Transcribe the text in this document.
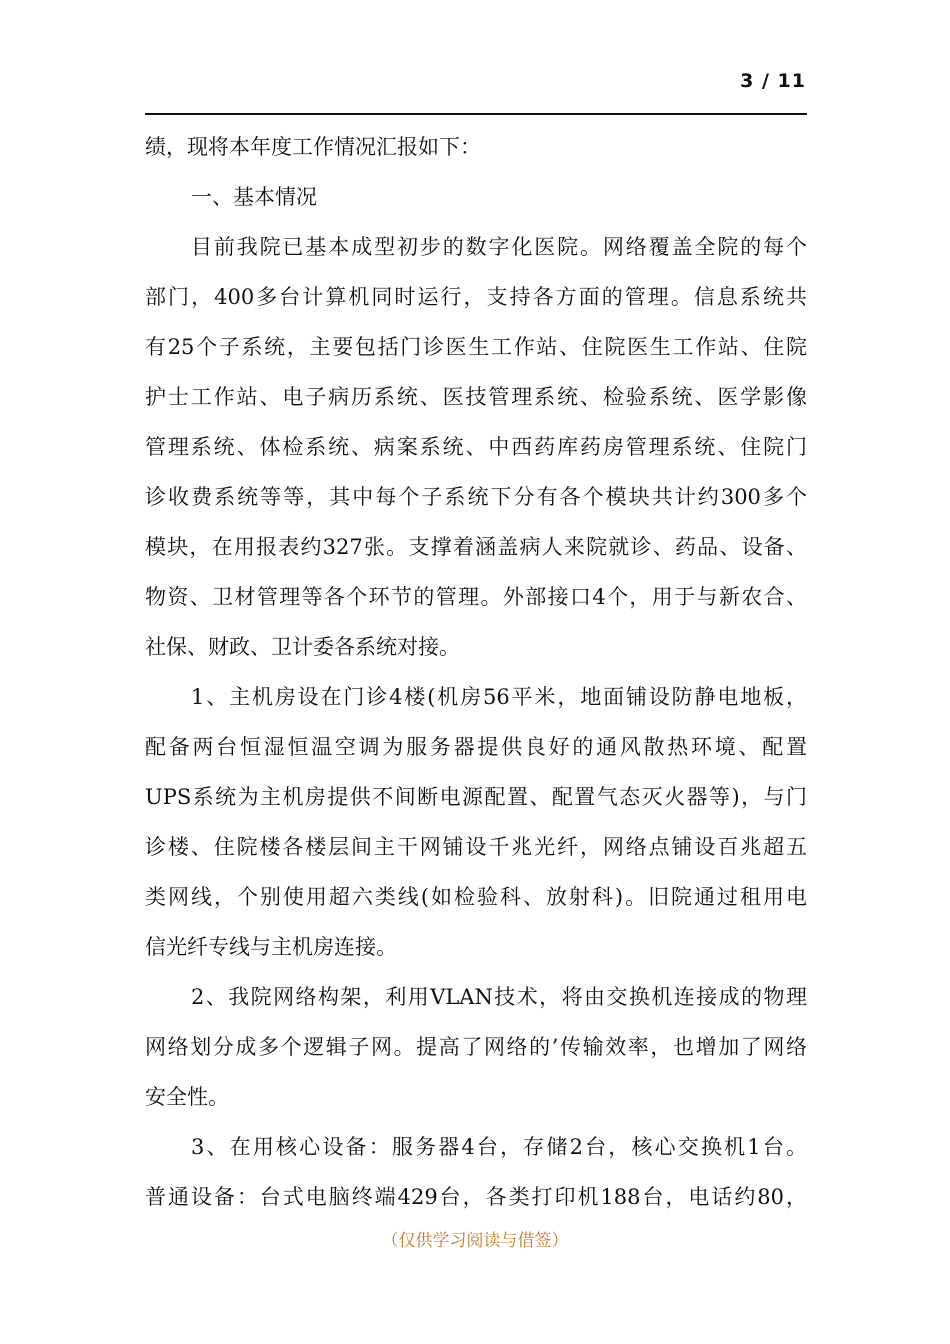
3 / 11
绩，现将本年度工作情况汇报如下：
一、基本情况
目前我院已基本成型初步的数字化医院。网络覆盖全院的每个
部门，400多台计算机同时运行，支持各方面的管理。信息系统共
有25个子系统，主要包括门诊医生工作站、住院医生工作站、住院
护士工作站、电子病历系统、医技管理系统、检验系统、医学影像
管理系统、体检系统、病案系统、中西药库药房管理系统、住院门
诊收费系统等等，其中每个子系统下分有各个模块共计约300多个
模块，在用报表约327张。支撑着涵盖病人来院就诊、药品、设备、
物资、卫材管理等各个环节的管理。外部接口4个，用于与新农合、
社保、财政、卫计委各系统对接。
1、主机房设在门诊4楼(机房56平米，地面铺设防静电地板，
配备两台恒湿恒温空调为服务器提供良好的通风散热环境、配置
UPS系统为主机房提供不间断电源配置、配置气态灭火器等)，与门
诊楼、住院楼各楼层间主干网铺设千兆光纤，网络点铺设百兆超五
类网线，个别使用超六类线(如检验科、放射科)。旧院通过租用电
信光纤专线与主机房连接。
2、我院网络构架，利用VLAN技术，将由交换机连接成的物理
网络划分成多个逻辑子网。提高了网络的’传输效率，也增加了网络
安全性。
3、在用核心设备：服务器4台，存储2台，核心交换机1台。
普通设备：台式电脑终端429台，各类打印机188台，电话约80，
（仅供学习阅读与借签）
